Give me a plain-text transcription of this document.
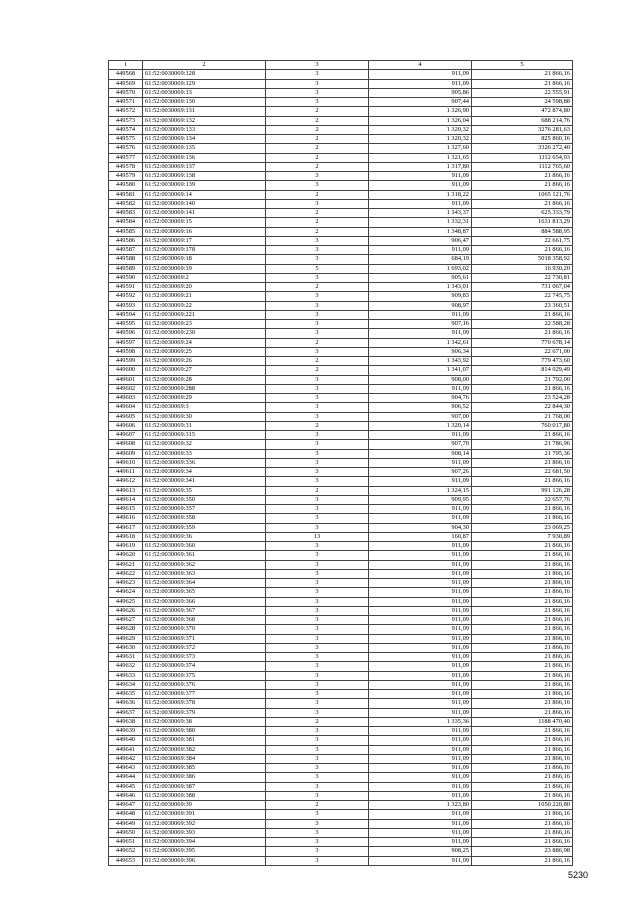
1	2	3	4	5
449568	61:52:0030069:128	3	911,09	21 866,16
449569	61:52:0030069:129	3	911,09	21 866,16
449570	61:52:0030069:13	3	905,86	22 555,91
449571	61:52:0030069:130	3	907,44	24 598,88
449572	61:52:0030069:131	2	1 326,90	472 874,80
449573	61:52:0030069:132	2	1 326,04	688 214,76
449574	61:52:0030069:133	2	1 320,32	3276 281,63
449575	61:52:0030069:134	2	1 320,32	825 860,16
449576	61:52:0030069:135	2	1 327,60	3326 272,40
449577	61:52:0030069:136	2	1 321,65	1112 654,03
449578	61:52:0030069:137	2	1 317,80	1112 765,60
449579	61:52:0030069:138	3	911,09	21 866,16
449580	61:52:0030069:139	3	911,09	21 866,16
449581	61:52:0030069:14	2	1 318,22	1065 121,76
449582	61:52:0030069:140	3	911,09	21 866,16
449583	61:52:0030069:141	2	1 343,37	625 333,79
449584	61:52:0030069:15	2	1 332,31	1631 813,29
449585	61:52:0030069:16	2	1 348,87	884 588,95
449586	61:52:0030069:17	3	906,47	22 661,75
449587	61:52:0030069:178	3	911,09	21 866,16
449588	61:52:0030069:18	3	684,19	5018 358,92
449589	61:52:0030069:19	5	1 693,02	16 930,20
449590	61:52:0030069:2	3	905,61	22 730,81
449591	61:52:0030069:20	2	1 343,01	731 067,04
449592	61:52:0030069:21	3	909,83	22 745,75
449593	61:52:0030069:22	3	908,97	23 360,51
449594	61:52:0030069:221	3	911,09	21 866,16
449595	61:52:0030069:23	3	907,16	22 588,28
449596	61:52:0030069:230	3	911,09	21 866,16
449597	61:52:0030069:24	2	1 342,61	770 678,14
449598	61:52:0030069:25	3	906,34	22 671,00
449599	61:52:0030069:26	2	1 343,92	779 473,60
449600	61:52:0030069:27	2	1 341,07	814 029,49
449601	61:52:0030069:28	3	908,00	21 792,00
449602	61:52:0030069:288	3	911,09	21 866,16
449603	61:52:0030069:29	3	904,76	23 524,28
449604	61:52:0030069:3	3	906,52	22 844,30
449605	61:52:0030069:30	3	907,00	21 768,00
449606	61:52:0030069:31	2	1 320,14	760 017,80
449607	61:52:0030069:315	3	911,09	21 866,16
449608	61:52:0030069:32	3	907,70	21 786,96
449609	61:52:0030069:33	3	908,14	21 795,36
449610	61:52:0030069:336	3	911,09	21 866,16
449611	61:52:0030069:34	3	907,26	22 681,50
449612	61:52:0030069:341	3	911,09	21 866,16
449613	61:52:0030069:35	2	1 324,15	991 126,28
449614	61:52:0030069:350	3	909,95	22 657,76
449615	61:52:0030069:357	3	911,09	21 866,16
449616	61:52:0030069:358	3	911,09	21 866,16
449617	61:52:0030069:359	3	904,30	23 069,25
449618	61:52:0030069:36	13	160,87	7 930,89
449619	61:52:0030069:360	3	911,09	21 866,16
449620	61:52:0030069:361	3	911,09	21 866,16
449621	61:52:0030069:362	3	911,09	21 866,16
449622	61:52:0030069:363	3	911,09	21 866,16
449623	61:52:0030069:364	3	911,09	21 866,16
449624	61:52:0030069:365	3	911,09	21 866,16
449625	61:52:0030069:366	3	911,09	21 866,16
449626	61:52:0030069:367	3	911,09	21 866,16
449627	61:52:0030069:368	3	911,09	21 866,16
449628	61:52:0030069:370	3	911,09	21 866,16
449629	61:52:0030069:371	3	911,09	21 866,16
449630	61:52:0030069:372	3	911,09	21 866,16
449631	61:52:0030069:373	3	911,09	21 866,16
449632	61:52:0030069:374	3	911,09	21 866,16
449633	61:52:0030069:375	3	911,09	21 866,16
449634	61:52:0030069:376	3	911,09	21 866,16
449635	61:52:0030069:377	3	911,09	21 866,16
449636	61:52:0030069:378	3	911,09	21 866,16
449637	61:52:0030069:379	3	911,09	21 866,16
449638	61:52:0030069:38	2	1 335,36	1188 470,40
449639	61:52:0030069:380	3	911,09	21 866,16
449640	61:52:0030069:381	3	911,09	21 866,16
449641	61:52:0030069:382	3	911,09	21 866,16
449642	61:52:0030069:384	3	911,09	21 866,16
449643	61:52:0030069:385	3	911,09	21 866,16
449644	61:52:0030069:386	3	911,09	21 866,16
449645	61:52:0030069:387	3	911,09	21 866,16
449646	61:52:0030069:388	3	911,09	21 866,16
449647	61:52:0030069:39	2	1 323,80	1050 220,80
449648	61:52:0030069:391	3	911,09	21 866,16
449649	61:52:0030069:392	3	911,09	21 866,16
449650	61:52:0030069:393	3	911,09	21 866,16
449651	61:52:0030069:394	3	911,09	21 866,16
449652	61:52:0030069:395	3	908,25	23 886,98
449653	61:52:0030069:396	3	911,09	21 866,16
5230
